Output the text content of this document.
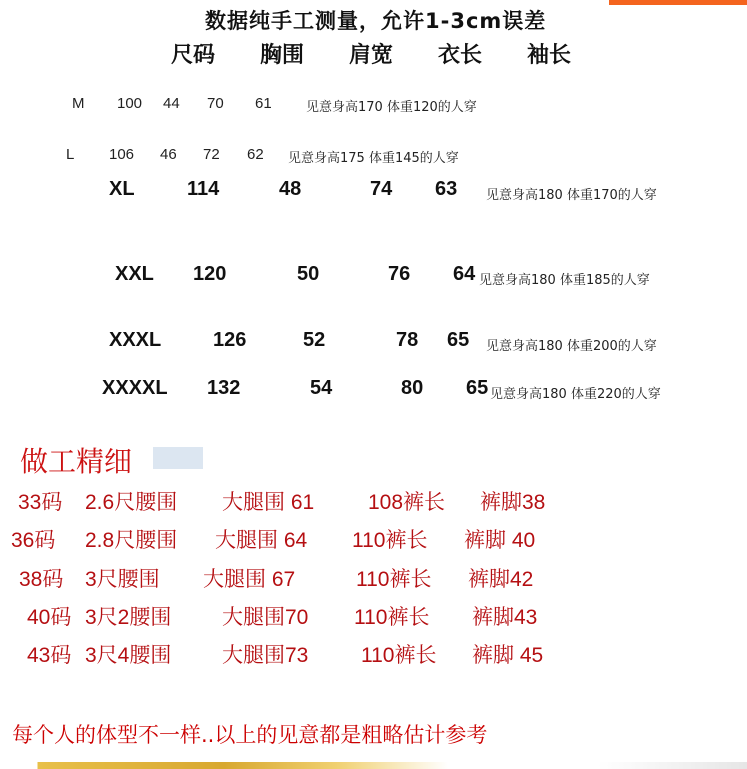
数据纯手工测量，允许1-3cm误差
尺码 胸围 肩宽 衣长 袖长
M 100 44 70 61	见意身高170 体重120的人穿
L 106 46 72 62 见意身高175 体重145的人穿
XL	114	48	74 63 见意身高180 体重170的人穿
XXL 120	50	76 64 见意身高180 体重185的人穿
XXXL	126	52	78 65 见意身高180 体重200的人穿
XXXXL 132	54	80 65 见意身高180 体重220的人穿
做工精细
33码 2.6尺腰围 大腿围 61	108裤长 裤脚38
36码 2.8尺腰围 大腿围 64 110裤长 裤脚 40
38码 3尺腰围 大腿围 67	110裤长 裤脚42
40码 3尺2腰围 大腿围70 110裤长 裤脚43
43码 3尺4腰围 大腿围73	110裤长 裤脚 45
每个人的体型不一样..以上的见意都是粗略估计参考
